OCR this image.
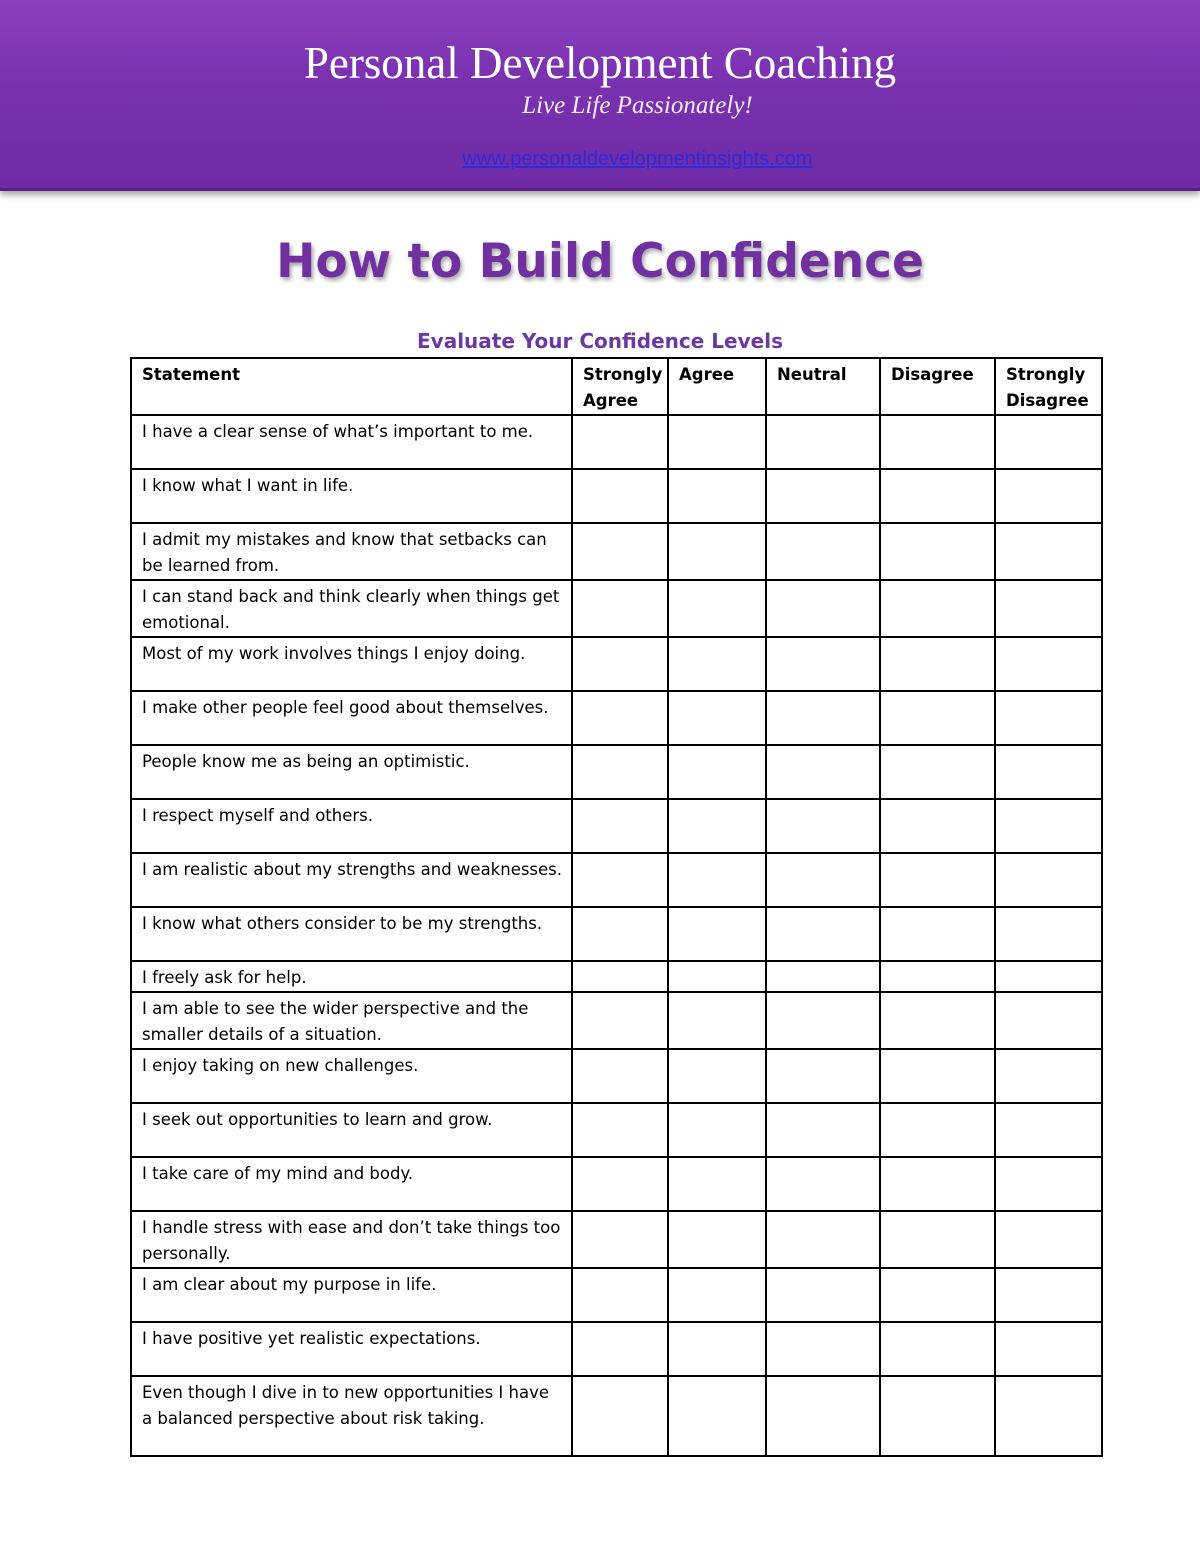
Personal Development Coaching
Live Life Passionately!
www.personaldevelopmentinsights.com
How to Build Confidence
Evaluate Your Confidence Levels
Statement	Strongly Agree	Agree	Neutral	Disagree	Strongly Disagree
I have a clear sense of what’s important to me.					
I know what I want in life.					
I admit my mistakes and know that setbacks can be learned from.					
I can stand back and think clearly when things get emotional.					
Most of my work involves things I enjoy doing.					
I make other people feel good about themselves.					
People know me as being an optimistic.					
I respect myself and others.					
I am realistic about my strengths and weaknesses.					
I know what others consider to be my strengths.					
I freely ask for help.					
I am able to see the wider perspective and the smaller details of a situation.					
I enjoy taking on new challenges.					
I seek out opportunities to learn and grow.					
I take care of my mind and body.					
I handle stress with ease and don’t take things too personally.					
I am clear about my purpose in life.					
I have positive yet realistic expectations.					
Even though I dive in to new opportunities I have a balanced perspective about risk taking.					
